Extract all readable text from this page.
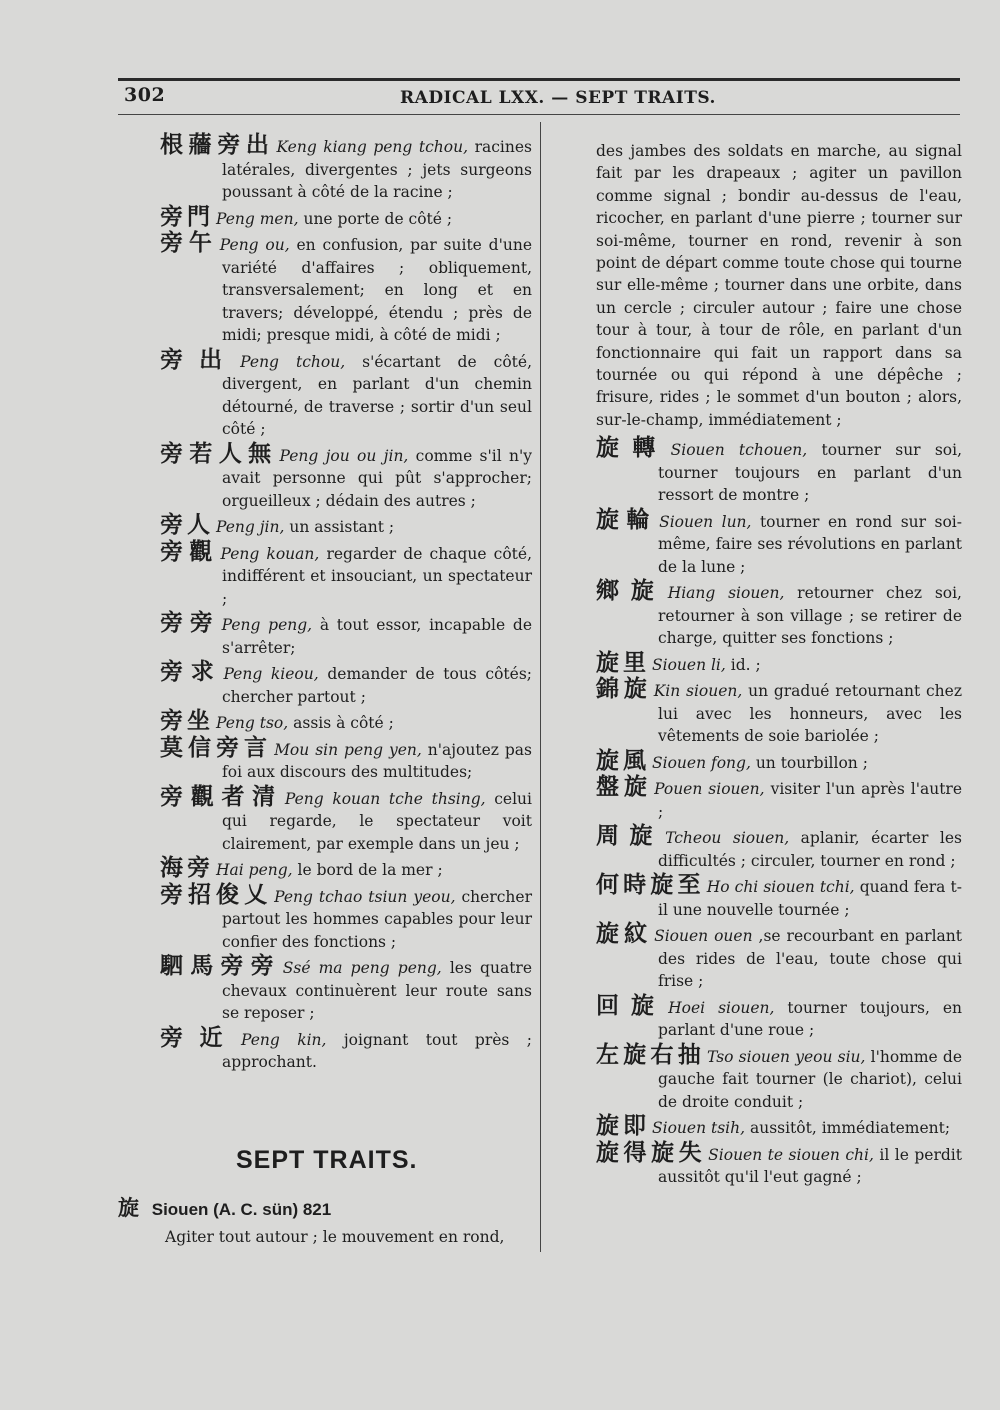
302	RADICAL LXX. — SEPT TRAITS.
根蘠旁出 Keng kiang peng tchou, racines latérales, divergentes ; jets surgeons poussant à côté de la racine ;
旁門 Peng men, une porte de côté ;
旁午 Peng ou, en confusion, par suite d'une variété d'affaires ; obliquement, transversalement; en long et en travers; développé, étendu ; près de midi; presque midi, à côté de midi ;
旁出 Peng tchou, s'écartant de côté, divergent, en parlant d'un chemin détourné, de traverse ; sortir d'un seul côté ;
旁若人無 Peng jou ou jin, comme s'il n'y avait personne qui pût s'approcher; orgueilleux ; dédain des autres ;
旁人 Peng jin, un assistant ;
旁觀 Peng kouan, regarder de chaque côté, indifférent et insouciant, un spectateur ;
旁旁 Peng peng, à tout essor, incapable de s'arrêter;
旁求 Peng kieou, demander de tous côtés; chercher partout ;
旁坐 Peng tso, assis à côté ;
莫信旁言 Mou sin peng yen, n'ajoutez pas foi aux discours des multitudes;
旁觀者清 Peng kouan tche thsing, celui qui regarde, le spectateur voit clairement, par exemple dans un jeu ;
海旁 Hai peng, le bord de la mer ;
旁招俊乂 Peng tchao tsiun yeou, chercher partout les hommes capables pour leur confier des fonctions ;
駟馬旁旁 Ssé ma peng peng, les quatre chevaux continuèrent leur route sans se reposer ;
旁近 Peng kin, joignant tout près ; approchant.
SEPT TRAITS.
旋 Siouen (A. C. sün) 821
Agiter tout autour ; le mouvement en rond,
des jambes des soldats en marche, au signal fait par les drapeaux ; agiter un pavillon comme signal ; bondir au-dessus de l'eau, ricocher, en parlant d'une pierre ; tourner sur soi-même, tourner en rond, revenir à son point de départ comme toute chose qui tourne sur elle-même ; tourner dans une orbite, dans un cercle ; circuler autour ; faire une chose tour à tour, à tour de rôle, en parlant d'un fonctionnaire qui fait un rapport dans sa tournée ou qui répond à une dépêche ; frisure, rides ; le sommet d'un bouton ; alors, sur-le-champ, immédiatement ;
旋轉 Siouen tchouen, tourner sur soi, tourner toujours en parlant d'un ressort de montre ;
旋輪 Siouen lun, tourner en rond sur soi-même, faire ses révolutions en parlant de la lune ;
鄉旋 Hiang siouen, retourner chez soi, retourner à son village ; se retirer de charge, quitter ses fonctions ;
旋里 Siouen li, id. ;
錦旋 Kin siouen, un gradué retournant chez lui avec les honneurs, avec les vêtements de soie bariolée ;
旋風 Siouen fong, un tourbillon ;
盤旋 Pouen siouen, visiter l'un après l'autre ;
周旋 Tcheou siouen, aplanir, écarter les difficultés ; circuler, tourner en rond ;
何時旋至 Ho chi siouen tchi, quand fera t-il une nouvelle tournée ;
旋紋 Siouen ouen ,se recourbant en parlant des rides de l'eau, toute chose qui frise ;
回旋 Hoei siouen, tourner toujours, en parlant d'une roue ;
左旋右抽 Tso siouen yeou siu, l'homme de gauche fait tourner (le chariot), celui de droite conduit ;
旋即 Siouen tsih, aussitôt, immédiatement;
旋得旋失 Siouen te siouen chi, il le perdit aussitôt qu'il l'eut gagné ;
